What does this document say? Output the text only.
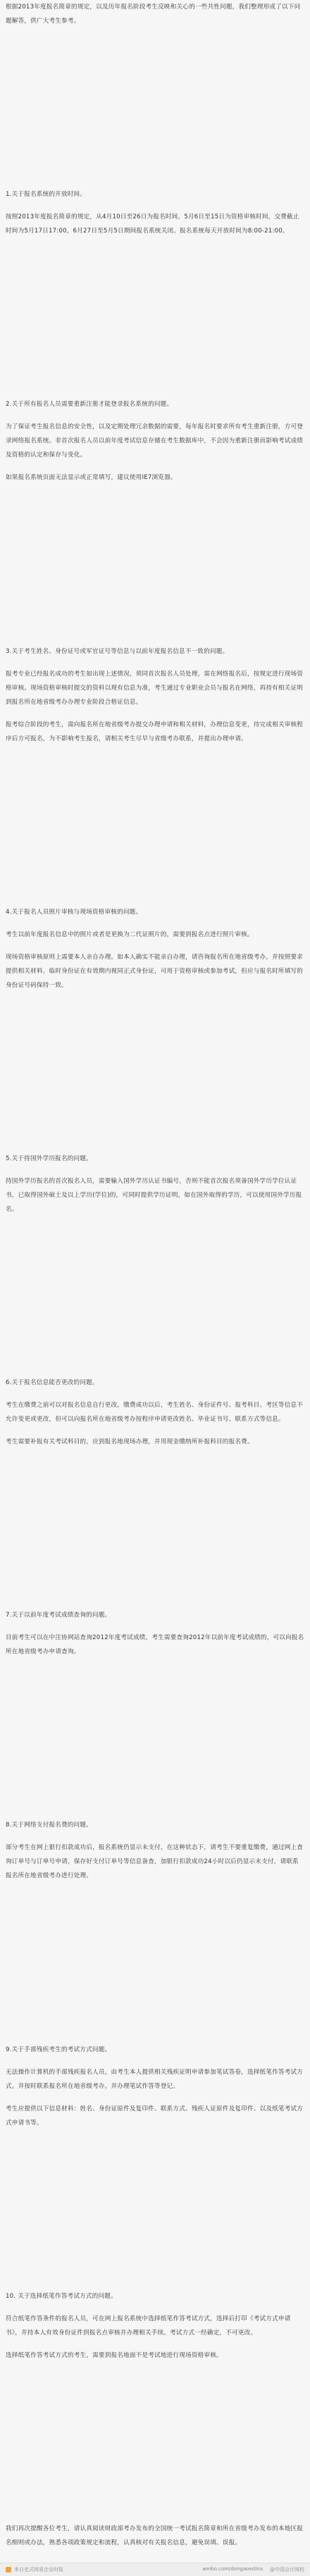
根据2013年度报名简章的规定，以及历年报名阶段考生反映和关心的一些共性问题，我们整理形成了以下问题解答，供广大考生参考。

1.关于报名系统的开放时间。

按照2013年度报名简章的规定，从4月10日至26日为报名时间，5月6日至15日为资格审核时间，交费截止时间为5月17日17:00，6月27日至5月5日期间报名系统关闭。报名系统每天开放时间为8:00-21:00。

2.关于所有报名人员需要重新注册才能登录报名系统的问题。

为了保证考生报名信息的安全性，以及定期处理冗余数据的需要，每年报名时要求所有考生重新注册，方可登录网络报名系统。非首次报名人员以前年度考试信息存储在考生数据库中，不会因为重新注册而影响考试成绩及资格的认定和保存与变化。

如果报名系统页面无法显示或正常填写，建议使用IE7浏览器。

3.关于考生姓名、身份证号或军官证号等信息与以前年度报名信息不一致的问题。

报考专业已经报名成功的考生如出现上述情况，须同首次报名人员处理，需在网络报名后，按规定进行现场资格审核。现场资格审核时提交的资料以现有信息为准，考生通过专业职业会员与报名在网络，再持有相关证明到报名所在地省级考办办理专业阶段合格证信息。

报考综合阶段的考生，需向报名所在地省级考办提交办理申请和相关材料，办理信息变更，待完成相关审核程序后方可报名，为不影响考生报名，请相关考生尽早与省级考办联系，并提出办理申请。

4.关于报名人员照片审核与现场资格审核的问题。

考生以前年度报名信息中的照片或者是更换为二代证照片的，需要到报名点进行照片审核。

现场资格审核原则上需要本人亲自办理。如本人确实不能亲自办理，请咨询报名所在地省级考办，并按照要求提供相关材料。临时身份证在有效期内视同正式身份证，可用于资格审核或参加考试，但应与报名时所填写的身份证号码保持一致。

5.关于持国外学历报名的问题。

持国外学历报名的首次报名人员，需要输入国外学历认证书编号，否则不能首次报名须备国外学历学位认证书，已取得国外硕士及以上学历(学位)的，可同时提供学历证明，如在国外取得的学历，可以使用国外学历报名。

6.关于报名信息能否更改的问题。

考生在缴费之前可以对报名信息自行更改，缴费成功以后，考生姓名、身份证件号、报考科目、考区等信息不允许变更或更改，但可以向报名所在地省级考办按程序申请更改姓名、毕业证书号、联系方式等信息。

考生需要补报有关考试科目的，应到报名地现场办理，并用现金缴纳所补报科目的报名费。

7.关于以前年度考试成绩查询的问题。

目前考生可以在中注协网站查询2012年度考试成绩，考生需要查询2012年以前年度考试成绩的，可以向报名所在地省级考办申请查询。

8.关于网络支付报名费的问题。

部分考生在网上银行扣款成功后，报名系统仍显示未支付，在这种状态下，请考生不要重复缴费，通过网上查询订单号与订单号申请，保存好支付订单号等信息备查，加银行扣款成功24小时以后仍显示未支付，请联系报名所在地省级考办进行处理。

9.关于手部残疾考生的考试方式问题。

无法操作计算机的手部残疾报名人员，由考生本人提供相关残疾证明申请参加笔试答卷，选择纸笔作答考试方式。并按时联系报名所在地省级考办，并办理笔试作答等登记。

考生应提供以下信息材料：姓名、身份证原件及复印件、联系方式、残疾人证原件及复印件、以及纸笔考试方式申请书等。

10. 关于选择纸笔作答考试方式的问题。

符合纸笔作答条件的报名人员，可在网上报名系统中选择纸笔作答考试方式，选择后打印《考试方式申请书》，并持本人有效身份证件到报名点审核并办理相关手续。考试方式一经确定，不可更改。

选择纸笔作答考试方式的考生，需要到报名地面不是考试地进行现场资格审核。

我们再次提醒各位考生，请认真阅读财政部考办发布的全国统一考试报名简章和所在省级考办发布的本地区报名细则或办法，熟悉各项政策规定和流程，认真核对有关报名信息，避免误填、误报。

来自史式网易企业时报	weibo.com/dongaoedina @中国会计网校
